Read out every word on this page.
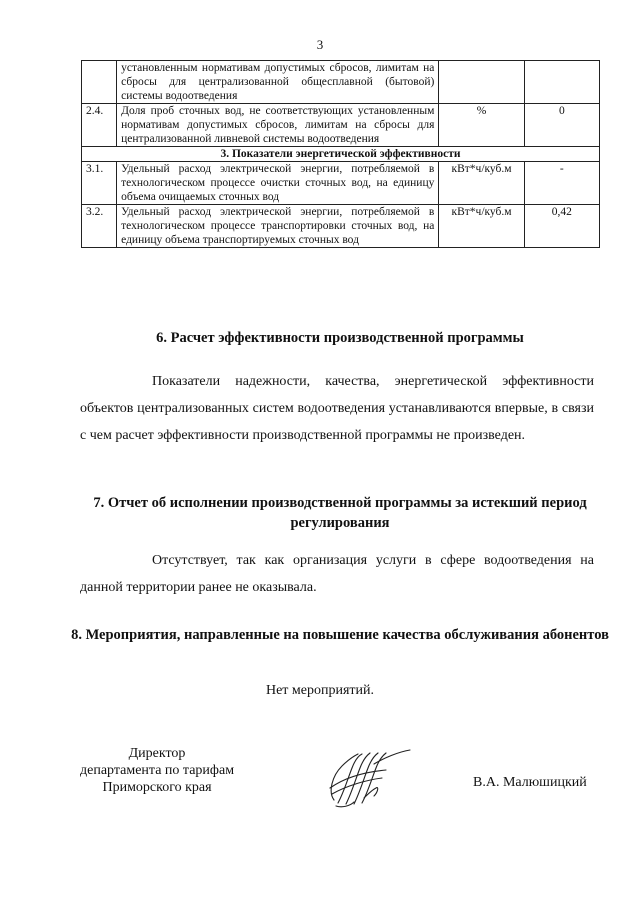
3
	установленным нормативам допустимых сбросов, лимитам на сбросы для централизованной общесплавной (бытовой) системы водоотведения		
2.4.	Доля проб сточных вод, не соответствующих установленным нормативам допустимых сбросов, лимитам на сбросы для централизованной ливневой системы водоотведения	%	0
3. Показатели энергетической эффективности			
3.1.	Удельный расход электрической энергии, потребляемой в технологическом процессе очистки сточных вод, на единицу объема очищаемых сточных вод	кВт*ч/куб.м	-
3.2.	Удельный расход электрической энергии, потребляемой в технологическом процессе транспортировки сточных вод, на единицу объема транспортируемых сточных вод	кВт*ч/куб.м	0,42
6. Расчет эффективности производственной программы

Показатели надежности, качества, энергетической эффективности объектов централизованных систем водоотведения устанавливаются впервые, в связи с чем расчет эффективности производственной программы не произведен.

7. Отчет об исполнении производственной программы за истекший период регулирования

Отсутствует, так как организация услуги в сфере водоотведения на данной территории ранее не оказывала.

8. Мероприятия, направленные на повышение качества обслуживания абонентов
Нет мероприятий.
Директор
департамента по тарифам
Приморского края	В.А. Малюшицкий
